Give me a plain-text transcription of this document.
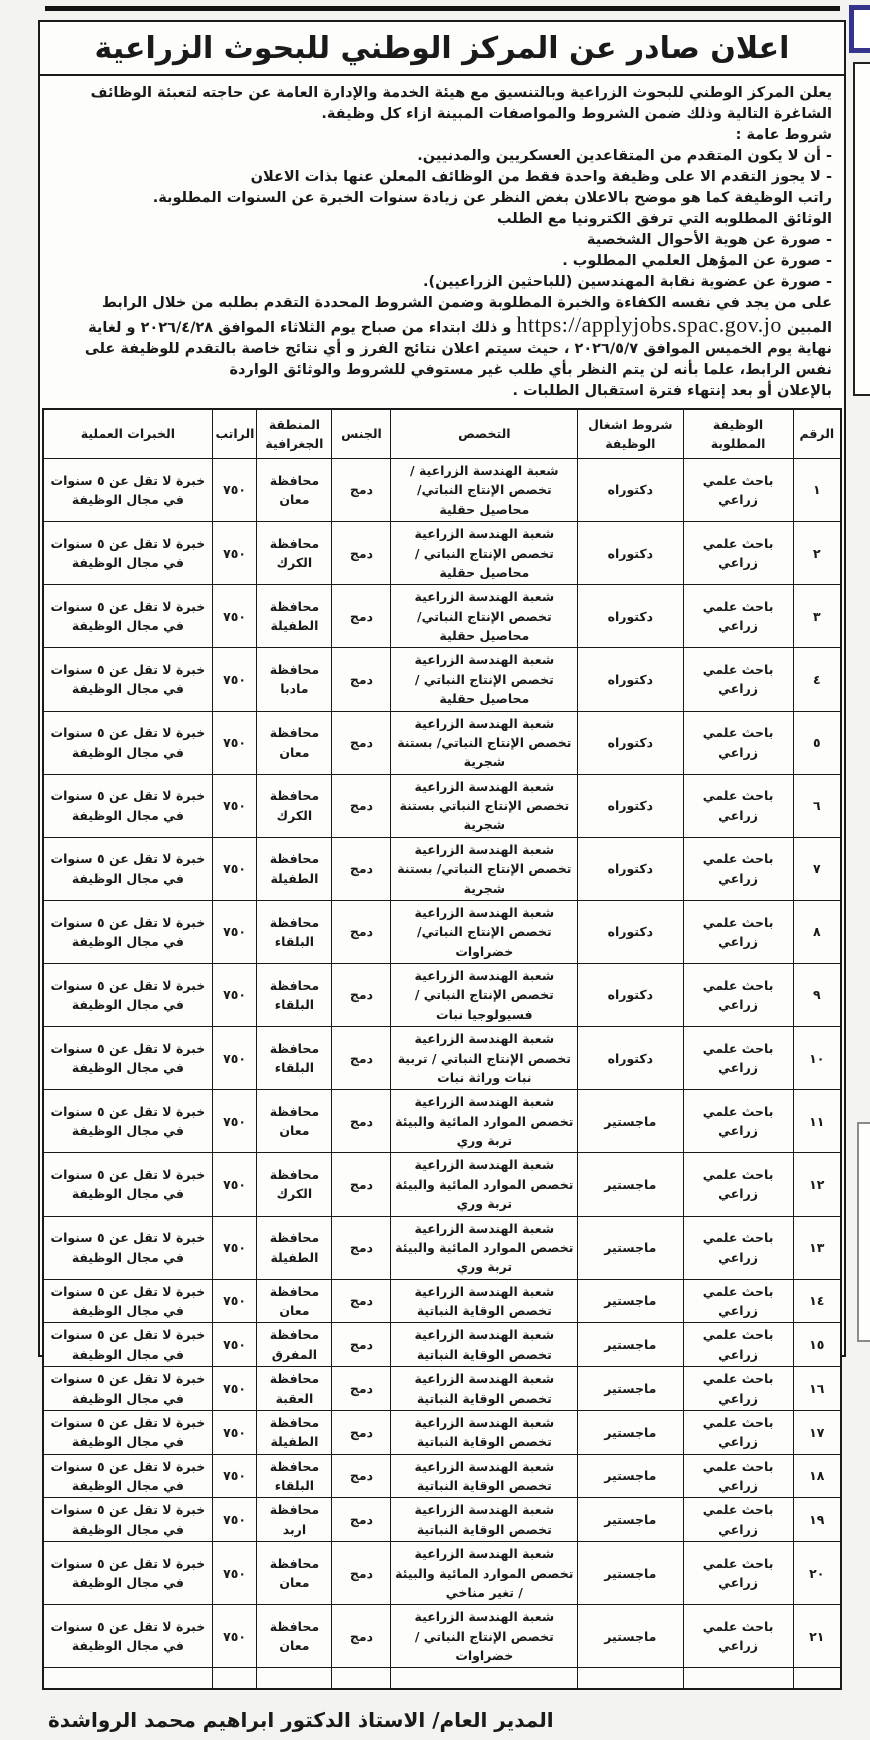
اعلان صادر عن المركز الوطني للبحوث الزراعية

يعلن المركز الوطني للبحوث الزراعية وبالتنسيق مع هيئة الخدمة والإدارة العامة عن حاجته لتعبئة الوظائف الشاغرة التالية وذلك ضمن الشروط والمواصفات المبينة ازاء كل وظيفة.

شروط عامة :

- أن لا يكون المتقدم من المتقاعدين العسكريين والمدنيين.

- لا يجوز التقدم الا على وظيفة واحدة فقط من الوظائف المعلن عنها بذات الاعلان

راتب الوظيفة كما هو موضح بالاعلان بغض النظر عن زيادة سنوات الخبرة عن السنوات المطلوبة.

الوثائق المطلوبه التي ترفق الكترونيا مع الطلب

- صورة عن هوية الأحوال الشخصية

- صورة عن المؤهل العلمي المطلوب .

- صورة عن عضوية نقابة المهندسين (للباحثين الزراعيين).

على من يجد في نفسه الكفاءة والخبرة المطلوبة وضمن الشروط المحددة التقدم بطلبه من خلال الرابط المبين https://applyjobs.spac.gov.jo و ذلك ابتداء من صباح يوم الثلاثاء الموافق ٢٠٢٦/٤/٢٨ و لغاية نهاية يوم الخميس الموافق ٢٠٢٦/٥/٧ ، حيث سيتم اعلان نتائج الفرز و أي نتائج خاصة بالتقدم للوظيفة على نفس الرابط، علما بأنه لن يتم النظر بأي طلب غير مستوفي للشروط والوثائق الواردة

بالإعلان أو بعد إنتهاء فترة استقبال الطلبات .

الرقم	الوظيفة المطلوبة	شروط اشغال الوظيفة	التخصص	الجنس	المنطقة الجغرافية	الراتب	الخبرات العملية
١	باحث علمي زراعي	دكتوراه	شعبة الهندسة الزراعية / تخصص الإنتاج النباتي/ محاصيل حقلية	دمج	محافظة معان	٧٥٠	خبرة لا تقل عن ٥ سنوات في مجال الوظيفة
٢	باحث علمي زراعي	دكتوراه	شعبة الهندسة الزراعية تخصص الإنتاج النباتي / محاصيل حقلية	دمج	محافظة الكرك	٧٥٠	خبرة لا تقل عن ٥ سنوات في مجال الوظيفة
٣	باحث علمي زراعي	دكتوراه	شعبة الهندسة الزراعية تخصص الإنتاج النباتي/ محاصيل حقلية	دمج	محافظة الطفيلة	٧٥٠	خبرة لا تقل عن ٥ سنوات في مجال الوظيفة
٤	باحث علمي زراعي	دكتوراه	شعبة الهندسة الزراعية تخصص الإنتاج النباتي /محاصيل حقلية	دمج	محافظة مادبا	٧٥٠	خبرة لا تقل عن ٥ سنوات في مجال الوظيفة
٥	باحث علمي زراعي	دكتوراه	شعبة الهندسة الزراعية تخصص الإنتاج النباتي/ بستنة شجرية	دمج	محافظة معان	٧٥٠	خبرة لا تقل عن ٥ سنوات في مجال الوظيفة
٦	باحث علمي زراعي	دكتوراه	شعبة الهندسة الزراعية تخصص الإنتاج النباتي بستنة شجرية	دمج	محافظة الكرك	٧٥٠	خبرة لا تقل عن ٥ سنوات في مجال الوظيفة
٧	باحث علمي زراعي	دكتوراه	شعبة الهندسة الزراعية تخصص الإنتاج النباتي/ بستنة شجرية	دمج	محافظة الطفيلة	٧٥٠	خبرة لا تقل عن ٥ سنوات في مجال الوظيفة
٨	باحث علمي زراعي	دكتوراه	شعبة الهندسة الزراعية تخصص الإنتاج النباتي/ خضراوات	دمج	محافظة البلقاء	٧٥٠	خبرة لا تقل عن ٥ سنوات في مجال الوظيفة
٩	باحث علمي زراعي	دكتوراه	شعبة الهندسة الزراعية تخصص الإنتاج النباتي / فسيولوجيا نبات	دمج	محافظة البلقاء	٧٥٠	خبرة لا تقل عن ٥ سنوات في مجال الوظيفة
١٠	باحث علمي زراعي	دكتوراه	شعبة الهندسة الزراعية تخصص الإنتاج النباتي / تربية نبات وراثة نبات	دمج	محافظة البلقاء	٧٥٠	خبرة لا تقل عن ٥ سنوات في مجال الوظيفة
١١	باحث علمي زراعي	ماجستير	شعبة الهندسة الزراعية تخصص الموارد المائية والبيئة تربة وري	دمج	محافظة معان	٧٥٠	خبرة لا تقل عن ٥ سنوات في مجال الوظيفة
١٢	باحث علمي زراعي	ماجستير	شعبة الهندسة الزراعية تخصص الموارد المائية والبيئة تربة وري	دمج	محافظة الكرك	٧٥٠	خبرة لا تقل عن ٥ سنوات في مجال الوظيفة
١٣	باحث علمي زراعي	ماجستير	شعبة الهندسة الزراعية تخصص الموارد المائية والبيئة تربة وري	دمج	محافظة الطفيلة	٧٥٠	خبرة لا تقل عن ٥ سنوات في مجال الوظيفة
١٤	باحث علمي زراعي	ماجستير	شعبة الهندسة الزراعية تخصص الوقاية النباتية	دمج	محافظة معان	٧٥٠	خبرة لا تقل عن ٥ سنوات في مجال الوظيفة
١٥	باحث علمي زراعي	ماجستير	شعبة الهندسة الزراعية تخصص الوقاية النباتية	دمج	محافظة المفرق	٧٥٠	خبرة لا تقل عن ٥ سنوات في مجال الوظيفة
١٦	باحث علمي زراعي	ماجستير	شعبة الهندسة الزراعية تخصص الوقاية النباتية	دمج	محافظة العقبة	٧٥٠	خبرة لا تقل عن ٥ سنوات في مجال الوظيفة
١٧	باحث علمي زراعي	ماجستير	شعبة الهندسة الزراعية تخصص الوقاية النباتية	دمج	محافظة الطفيلة	٧٥٠	خبرة لا تقل عن ٥ سنوات في مجال الوظيفة
١٨	باحث علمي زراعي	ماجستير	شعبة الهندسة الزراعية تخصص الوقاية النباتية	دمج	محافظة البلقاء	٧٥٠	خبرة لا تقل عن ٥ سنوات في مجال الوظيفة
١٩	باحث علمي زراعي	ماجستير	شعبة الهندسة الزراعية تخصص الوقاية النباتية	دمج	محافظة اربد	٧٥٠	خبرة لا تقل عن ٥ سنوات في مجال الوظيفة
٢٠	باحث علمي زراعي	ماجستير	شعبة الهندسة الزراعية تخصص الموارد المائية والبيئة / تغير مناخي	دمج	محافظة معان	٧٥٠	خبرة لا تقل عن ٥ سنوات في مجال الوظيفة
٢١	باحث علمي زراعي	ماجستير	شعبة الهندسة الزراعية تخصص الإنتاج النباتي /خضراوات	دمج	محافظة معان	٧٥٠	خبرة لا تقل عن ٥ سنوات في مجال الوظيفة

المدير العام/ الاستاذ الدكتور ابراهيم محمد الرواشدة
